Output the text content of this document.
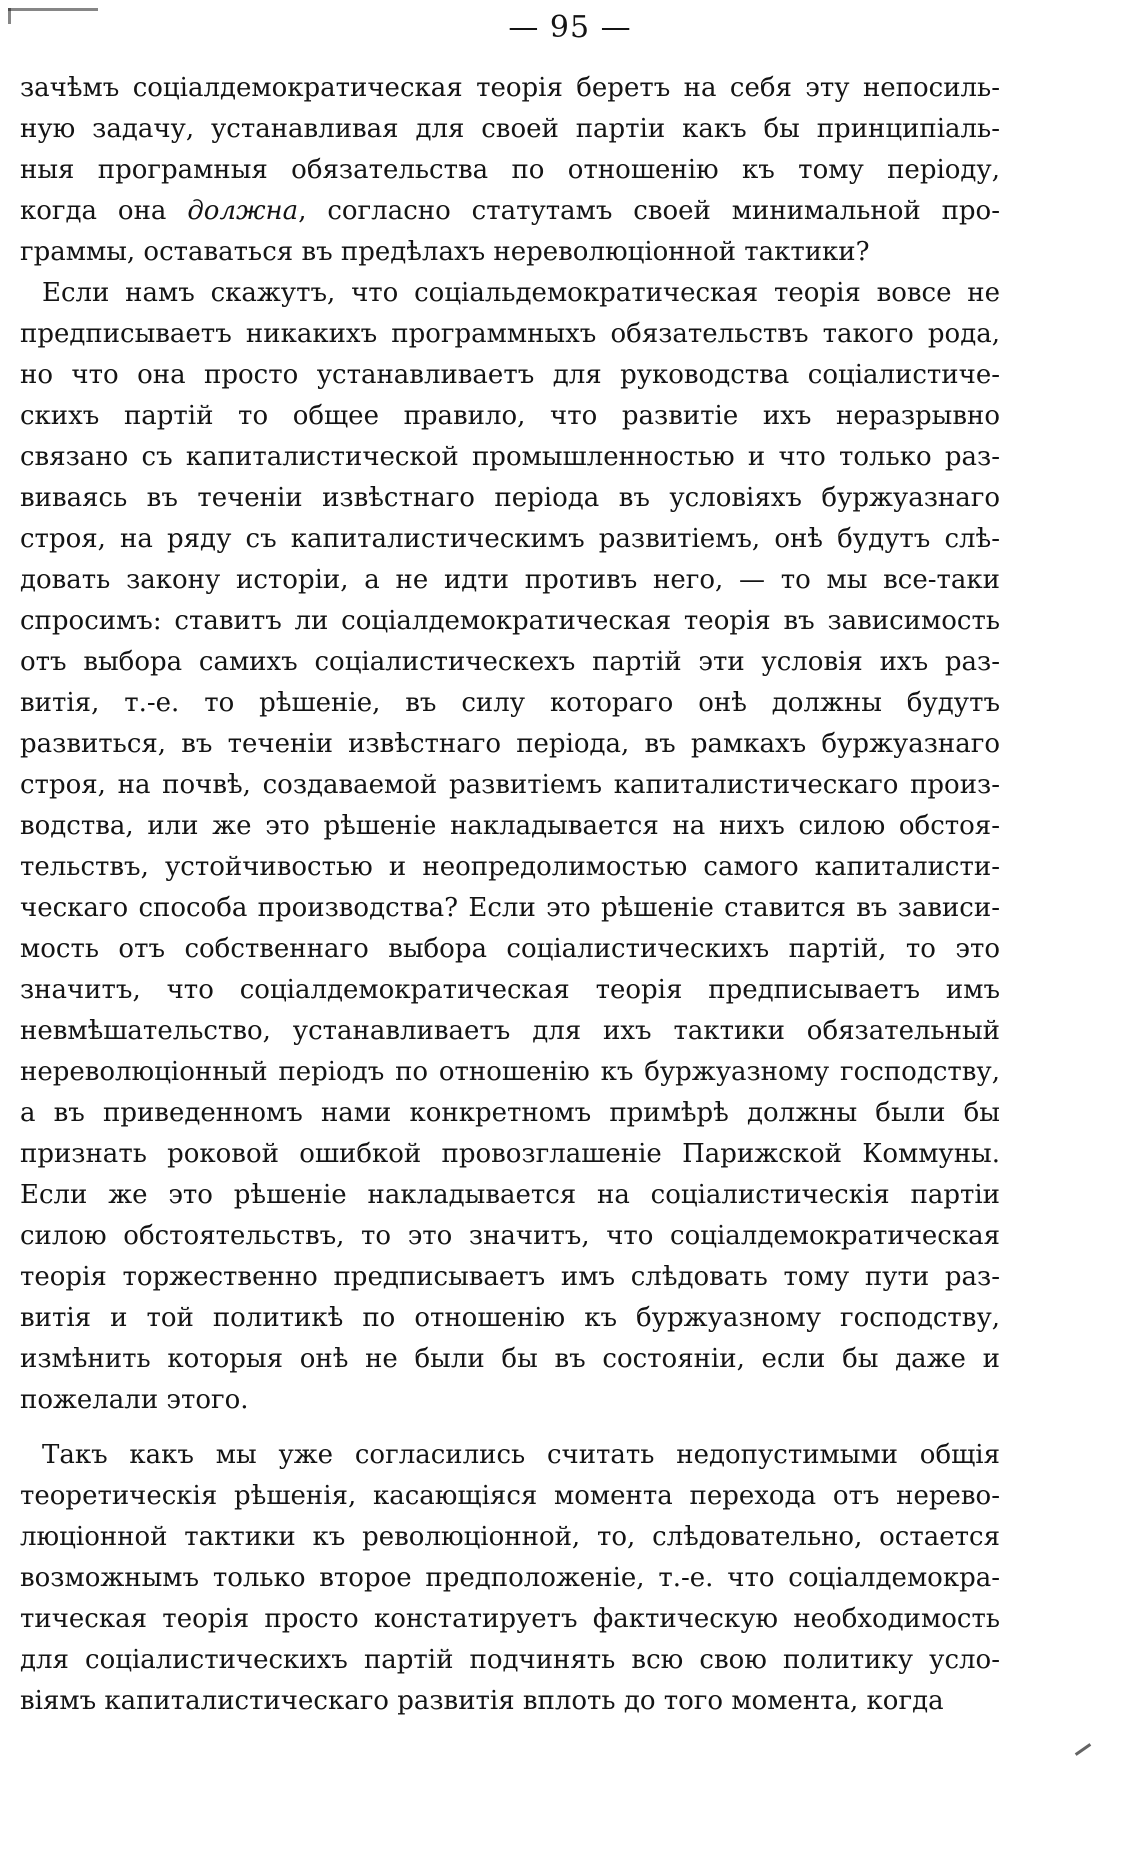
— 95 —
зачѣмъ соціалдемократическая теорія беретъ на себя эту непосиль-
ную задачу, устанавливая для своей партіи какъ бы принципіаль-
ныя програмныя обязательства по отношенію къ тому періоду,
когда она должна, согласно статутамъ своей минимальной про-
граммы, оставаться въ предѣлахъ нереволюціонной тактики?
Если намъ скажутъ, что соціальдемократическая теорія вовсе не
предписываетъ никакихъ программныхъ обязательствъ такого рода,
но что она просто устанавливаетъ для руководства соціалистиче-
скихъ партій то общее правило, что развитіе ихъ неразрывно
связано съ капиталистической промышленностью и что только раз-
виваясь въ теченіи извѣстнаго періода въ условіяхъ буржуазнаго
строя, на ряду съ капиталистическимъ развитіемъ, онѣ будутъ слѣ-
довать закону исторіи, а не идти противъ него, — то мы все-таки
спросимъ: ставитъ ли соціалдемократическая теорія въ зависимость
отъ выбора самихъ соціалистическехъ партій эти условія ихъ раз-
витія, т.-е. то рѣшеніе, въ силу котораго онѣ должны будутъ
развиться, въ теченіи извѣстнаго періода, въ рамкахъ буржуазнаго
строя, на почвѣ, создаваемой развитіемъ капиталистическаго произ-
водства, или же это рѣшеніе накладывается на нихъ силою обстоя-
тельствъ, устойчивостью и неопредолимостью самого капиталисти-
ческаго способа производства? Если это рѣшеніе ставится въ зависи-
мость отъ собственнаго выбора соціалистическихъ партій, то это
значитъ, что соціалдемократическая теорія предписываетъ имъ
невмѣшательство, устанавливаетъ для ихъ тактики обязательный
нереволюціонный періодъ по отношенію къ буржуазному господству,
а въ приведенномъ нами конкретномъ примѣрѣ должны были бы
признать роковой ошибкой провозглашеніе Парижской Коммуны.
Если же это рѣшеніе накладывается на соціалистическія партіи
силою обстоятельствъ, то это значитъ, что соціалдемократическая
теорія торжественно предписываетъ имъ слѣдовать тому пути раз-
витія и той политикѣ по отношенію къ буржуазному господству,
измѣнить которыя онѣ не были бы въ состояніи, если бы даже и
пожелали этого.
Такъ какъ мы уже согласились считать недопустимыми общія
теоретическія рѣшенія, касающіяся момента перехода отъ нерево-
люціонной тактики къ революціонной, то, слѣдовательно, остается
возможнымъ только второе предположеніе, т.-е. что соціалдемокра-
тическая теорія просто констатируетъ фактическую необходимость
для соціалистическихъ партій подчинять всю свою политику усло-
віямъ капиталистическаго развитія вплоть до того момента, когда
